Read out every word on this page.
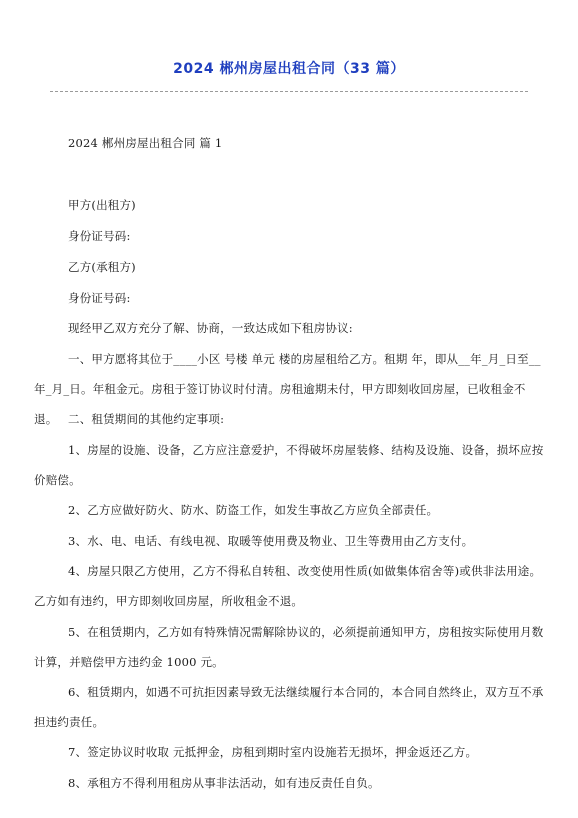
2024 郴州房屋出租合同（33 篇）
2024 郴州房屋出租合同 篇 1
甲方(出租方)
身份证号码:
乙方(承租方)
身份证号码:
现经甲乙双方充分了解、协商，一致达成如下租房协议:
一、甲方愿将其位于____小区 号楼 单元 楼的房屋租给乙方。租期 年，即从__年_月_日至__年_月_日。年租金元。房租于签订协议时付清。房租逾期未付，甲方即刻收回房屋，已收租金不退。 二、租赁期间的其他约定事项:
1、房屋的设施、设备，乙方应注意爱护，不得破坏房屋装修、结构及设施、设备，损坏应按价赔偿。
2、乙方应做好防火、防水、防盗工作，如发生事故乙方应负全部责任。
3、水、电、电话、有线电视、取暖等使用费及物业、卫生等费用由乙方支付。
4、房屋只限乙方使用，乙方不得私自转租、改变使用性质(如做集体宿舍等)或供非法用途。乙方如有违约，甲方即刻收回房屋，所收租金不退。
5、在租赁期内，乙方如有特殊情况需解除协议的，必须提前通知甲方，房租按实际使用月数计算，并赔偿甲方违约金 1000 元。
6、租赁期内，如遇不可抗拒因素导致无法继续履行本合同的，本合同自然终止，双方互不承担违约责任。
7、签定协议时收取 元抵押金，房租到期时室内设施若无损坏，押金返还乙方。
8、承租方不得利用租房从事非法活动，如有违反责任自负。
